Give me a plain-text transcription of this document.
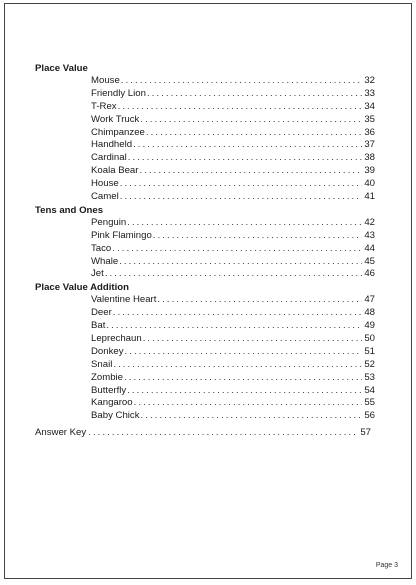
Place Value
Mouse . . .	32
Friendly Lion . . .	33
T-Rex . . .	34
Work Truck . . .	35
Chimpanzee . . .	36
Handheld . . .	37
Cardinal . . .	38
Koala Bear . . .	39
House . . .	40
Camel . . .	41
Tens and Ones
Penguin . . .	42
Pink Flamingo . . .	43
Taco . . .	44
Whale . . .	45
Jet . . .	46
Place Value Addition
Valentine Heart . . .	47
Deer . . .	48
Bat . . .	49
Leprechaun . . .	50
Donkey . . .	51
Snail . . .	52
Zombie . . .	53
Butterfly . . .	54
Kangaroo . . .	55
Baby Chick . . .	56
Answer Key . . .	57
Page 3
